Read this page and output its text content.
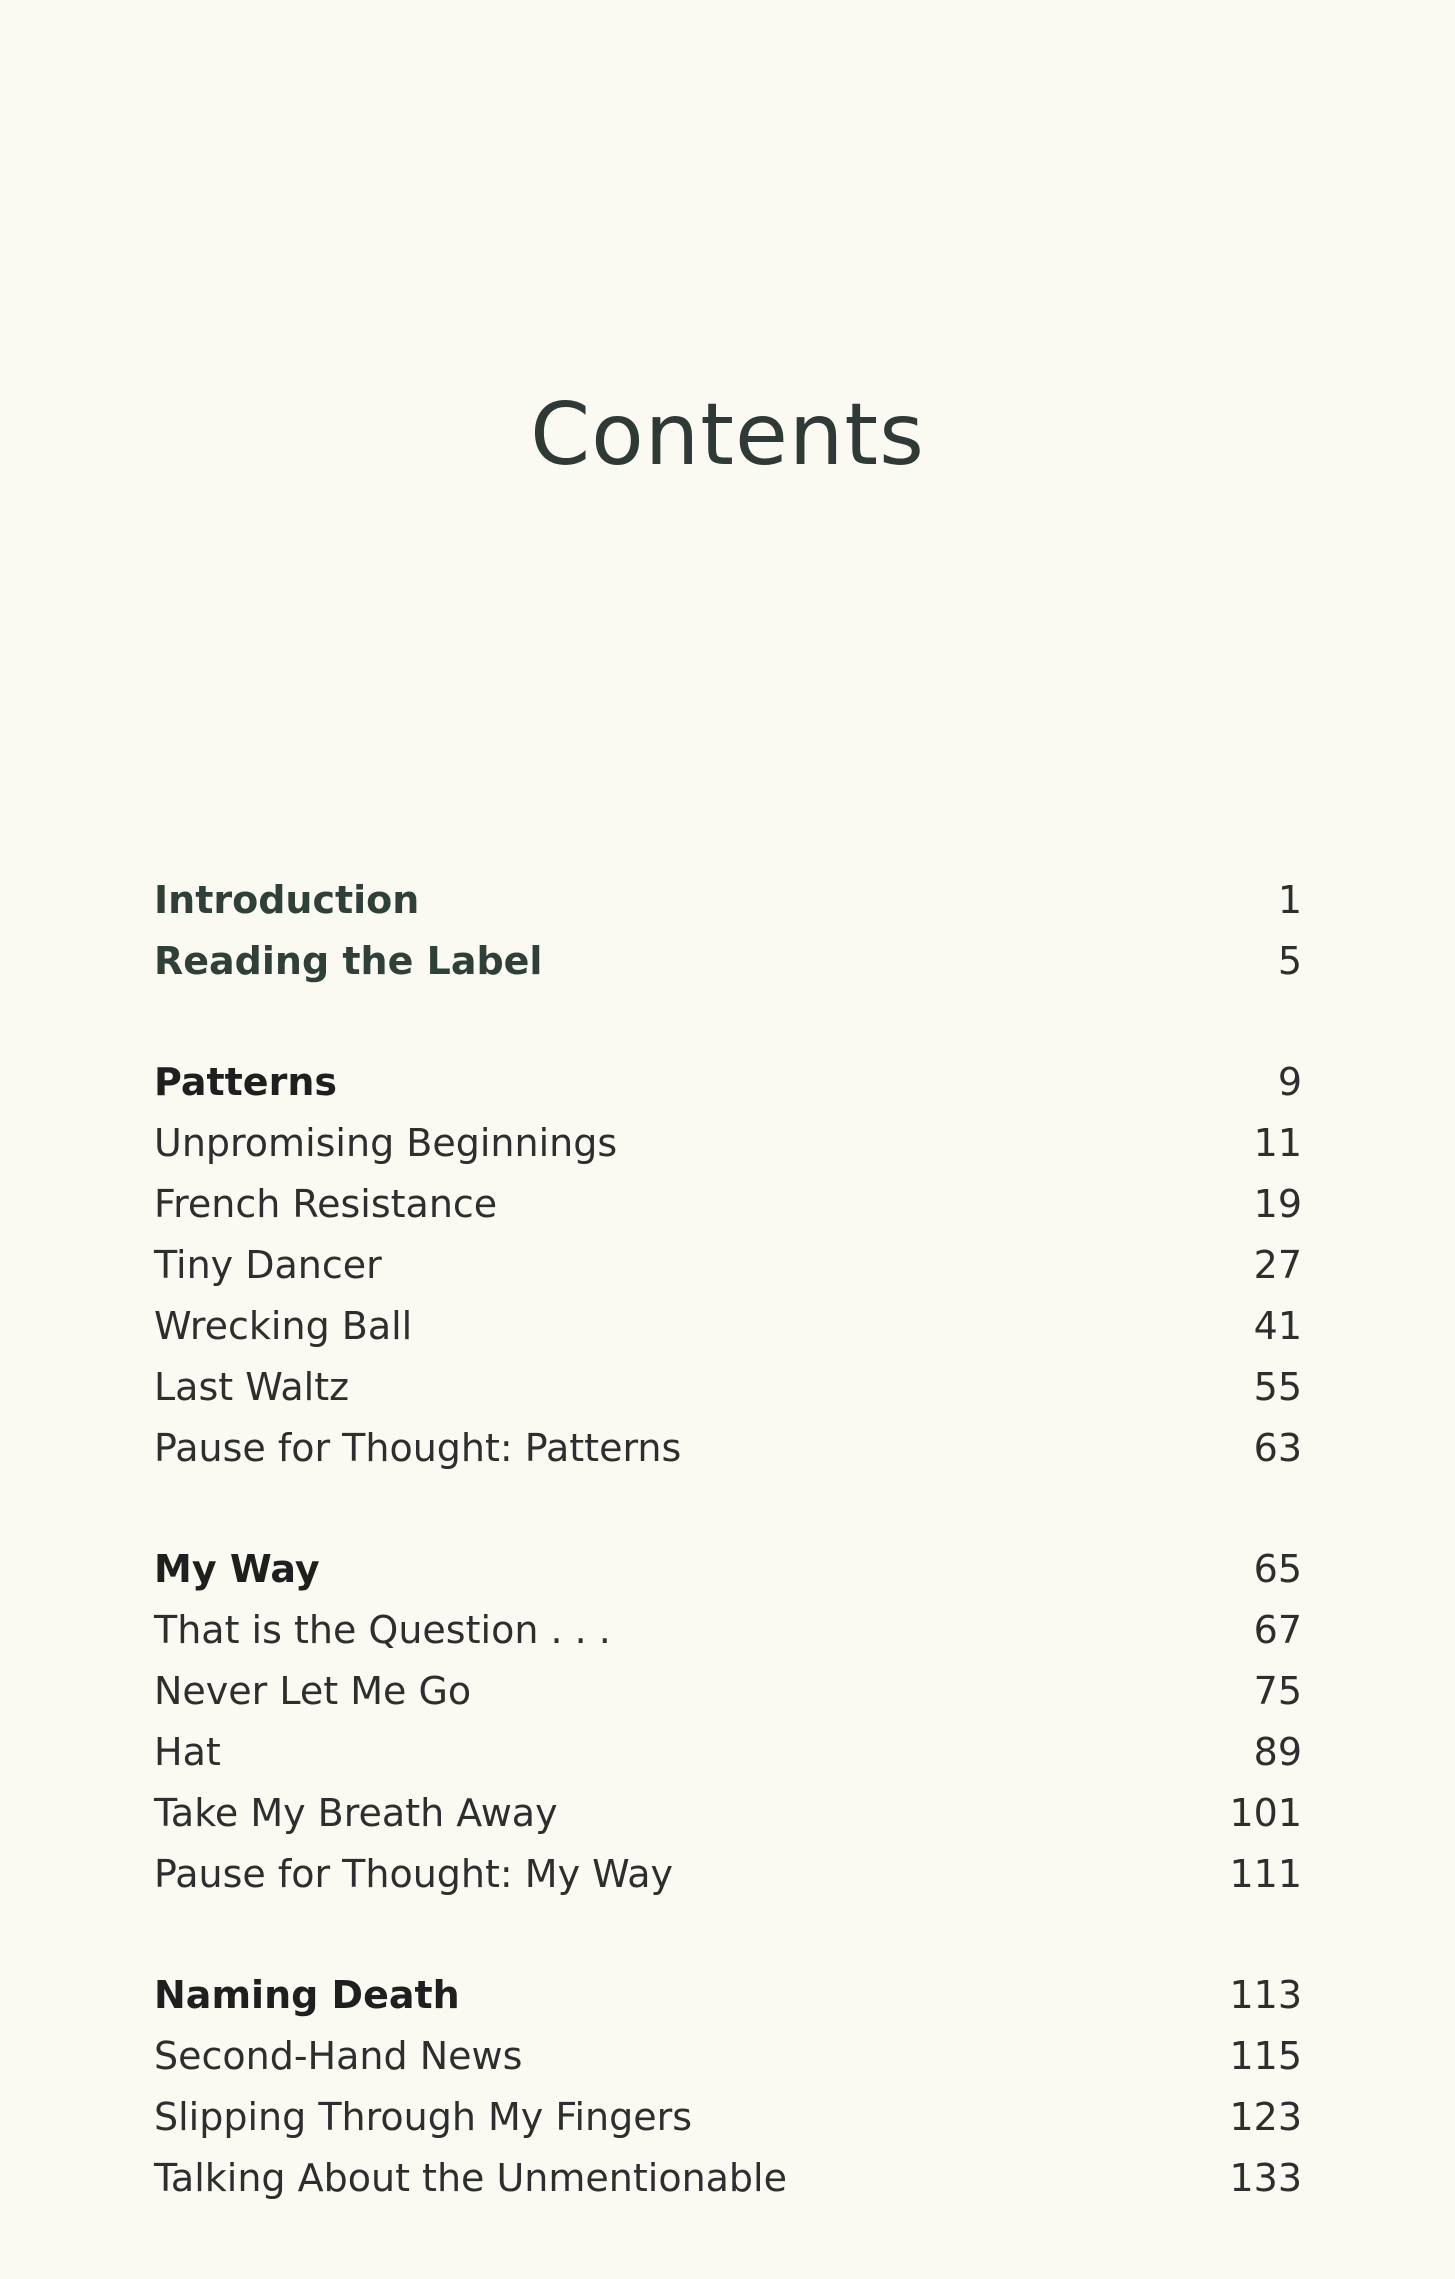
Contents
Introduction	1
Reading the Label	5
Patterns	9
Unpromising Beginnings	11
French Resistance	19
Tiny Dancer	27
Wrecking Ball	41
Last Waltz	55
Pause for Thought: Patterns	63
My Way	65
That is the Question . . .	67
Never Let Me Go	75
Hat	89
Take My Breath Away	101
Pause for Thought: My Way	111
Naming Death	113
Second-Hand News	115
Slipping Through My Fingers	123
Talking About the Unmentionable	133
